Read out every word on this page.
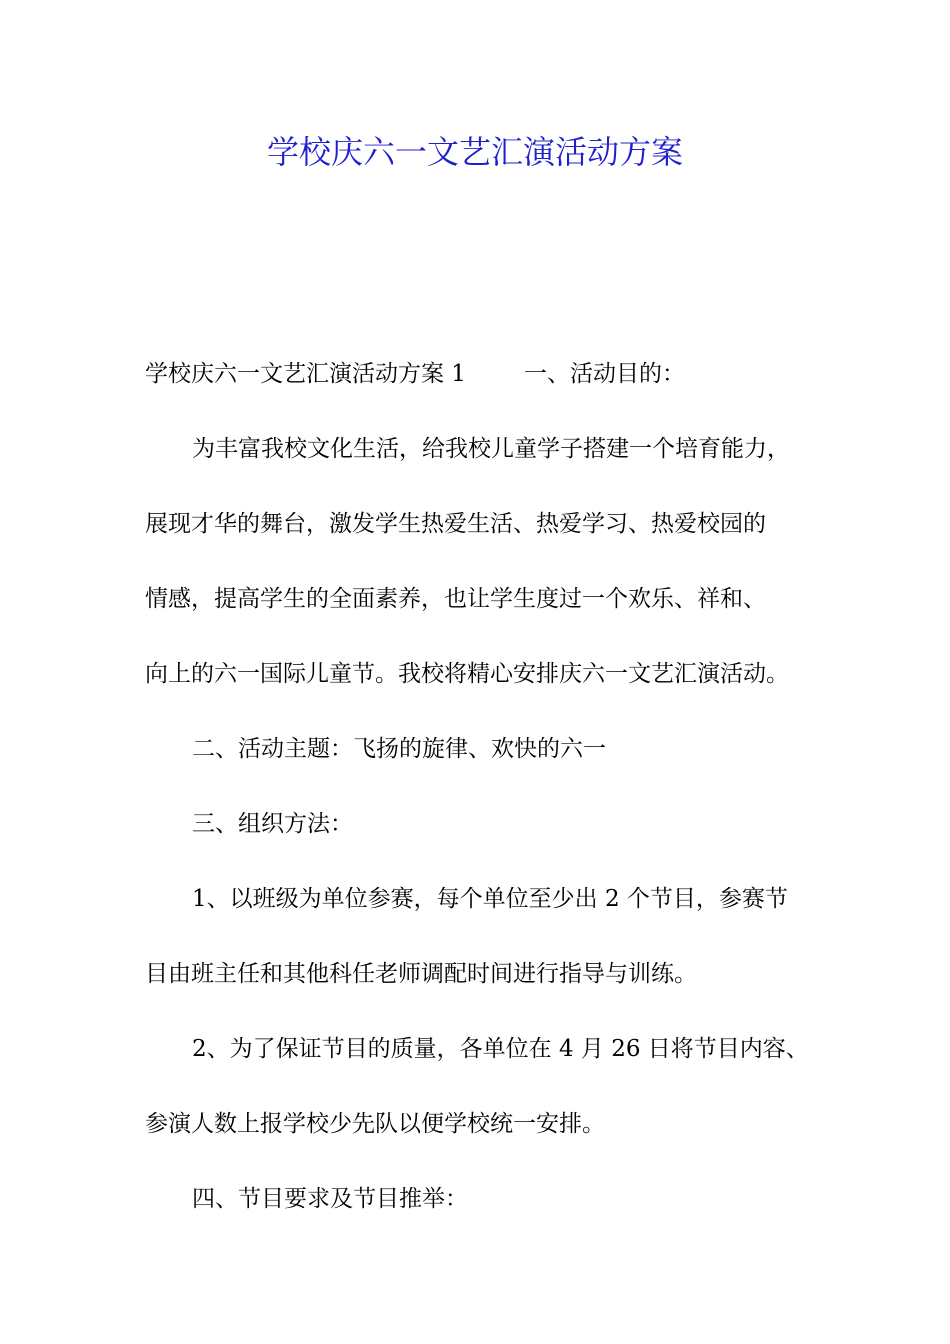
学校庆六一文艺汇演活动方案
学校庆六一文艺汇演活动方案 1	一、活动目的：
为丰富我校文化生活，给我校儿童学子搭建一个培育能力，
展现才华的舞台，激发学生热爱生活、热爱学习、热爱校园的
情感，提高学生的全面素养，也让学生度过一个欢乐、祥和、
向上的六一国际儿童节。我校将精心安排庆六一文艺汇演活动。
二、活动主题：飞扬的旋律、欢快的六一
三、组织方法：
1、以班级为单位参赛，每个单位至少出 2 个节目，参赛节
目由班主任和其他科任老师调配时间进行指导与训练。
2、为了保证节目的质量，各单位在 4 月 26 日将节目内容、
参演人数上报学校少先队以便学校统一安排。
四、节目要求及节目推举：
